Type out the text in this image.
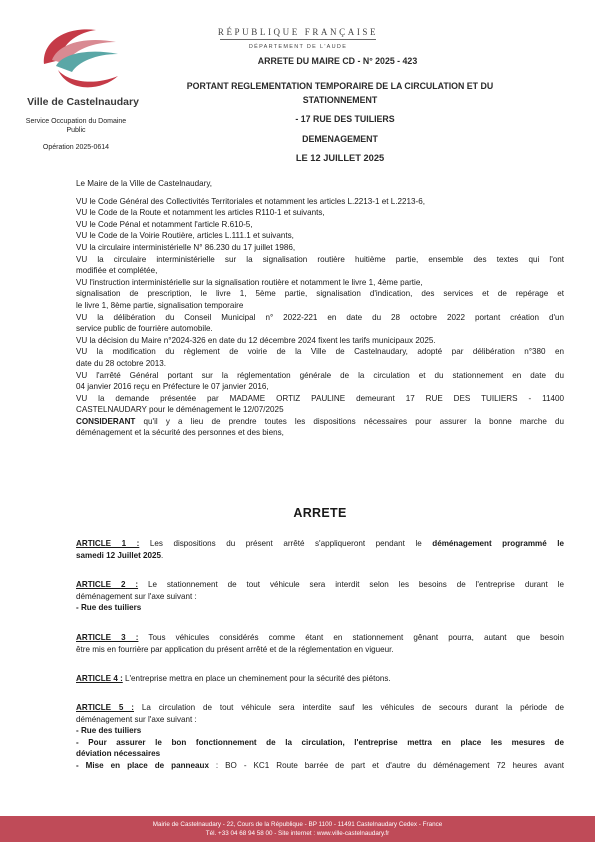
Ville de Castelnaudary
Service Occupation du Domaine Public
Opération 2025-0614
RÉPUBLIQUE FRANÇAISE
DÉPARTEMENT DE L'AUDE
ARRETE DU MAIRE CD - N° 2025 - 423
PORTANT REGLEMENTATION TEMPORAIRE DE LA CIRCULATION ET DU STATIONNEMENT
- 17 RUE DES TUILIERS
DEMENAGEMENT
LE 12 JUILLET 2025
Le Maire de la Ville de Castelnaudary,
VU le Code Général des Collectivités Territoriales et notamment les articles L.2213-1 et L.2213-6,
VU le Code de la Route et notamment les articles R110-1 et suivants,
VU le Code Pénal et notamment l'article R.610-5,
VU le Code de la Voirie Routière, articles L.111.1 et suivants,
VU la circulaire interministérielle N° 86.230 du 17 juillet 1986,
VU la circulaire interministérielle sur la signalisation routière huitième partie, ensemble des textes qui l'ont
modifiée et complétée,
VU l'instruction interministérielle sur la signalisation routière et notamment le livre 1, 4ème partie,
signalisation de prescription, le livre 1, 5ème partie, signalisation d'indication, des services et de repérage et
le livre 1, 8ème partie, signalisation temporaire
VU la délibération du Conseil Municipal n° 2022-221 en date du 28 octobre 2022 portant création d'un
service public de fourrière automobile.
VU la décision du Maire n°2024-326 en date du 12 décembre 2024 fixent les tarifs municipaux 2025.
VU la modification du règlement de voirie de la Ville de Castelnaudary, adopté par délibération n°380 en
date du 28 octobre 2013.
VU l'arrêté Général portant sur la réglementation générale de la circulation et du stationnement en date du
04 janvier 2016 reçu en Préfecture le 07 janvier 2016,
VU la demande présentée par MADAME ORTIZ PAULINE demeurant 17 RUE DES TUILIERS - 11400
CASTELNAUDARY pour le déménagement le 12/07/2025
CONSIDERANT qu'il y a lieu de prendre toutes les dispositions nécessaires pour assurer la bonne marche du
déménagement et la sécurité des personnes et des biens,
ARRETE
ARTICLE 1 : Les dispositions du présent arrêté s'appliqueront pendant le déménagement programmé le
samedi 12 Juillet 2025.
ARTICLE 2 : Le stationnement de tout véhicule sera interdit selon les besoins de l'entreprise durant le
déménagement sur l'axe suivant :
- Rue des tuiliers
ARTICLE 3 : Tous véhicules considérés comme étant en stationnement gênant pourra, autant que besoin
être mis en fourrière par application du présent arrêté et de la réglementation en vigueur.
ARTICLE 4 : L'entreprise mettra en place un cheminement pour la sécurité des piétons.
ARTICLE 5 : La circulation de tout véhicule sera interdite sauf les véhicules de secours durant la période de
déménagement sur l'axe suivant :
- Rue des tuiliers
- Pour assurer le bon fonctionnement de la circulation, l'entreprise mettra en place les mesures de
déviation nécessaires
- Mise en place de panneaux : BO - KC1 Route barrée de part et d'autre du déménagement 72 heures avant
Mairie de Castelnaudary - 22, Cours de la République - BP 1100 - 11491 Castelnaudary Cedex - France
Tél. +33 04 68 94 58 00 - Site internet : www.ville-castelnaudary.fr
